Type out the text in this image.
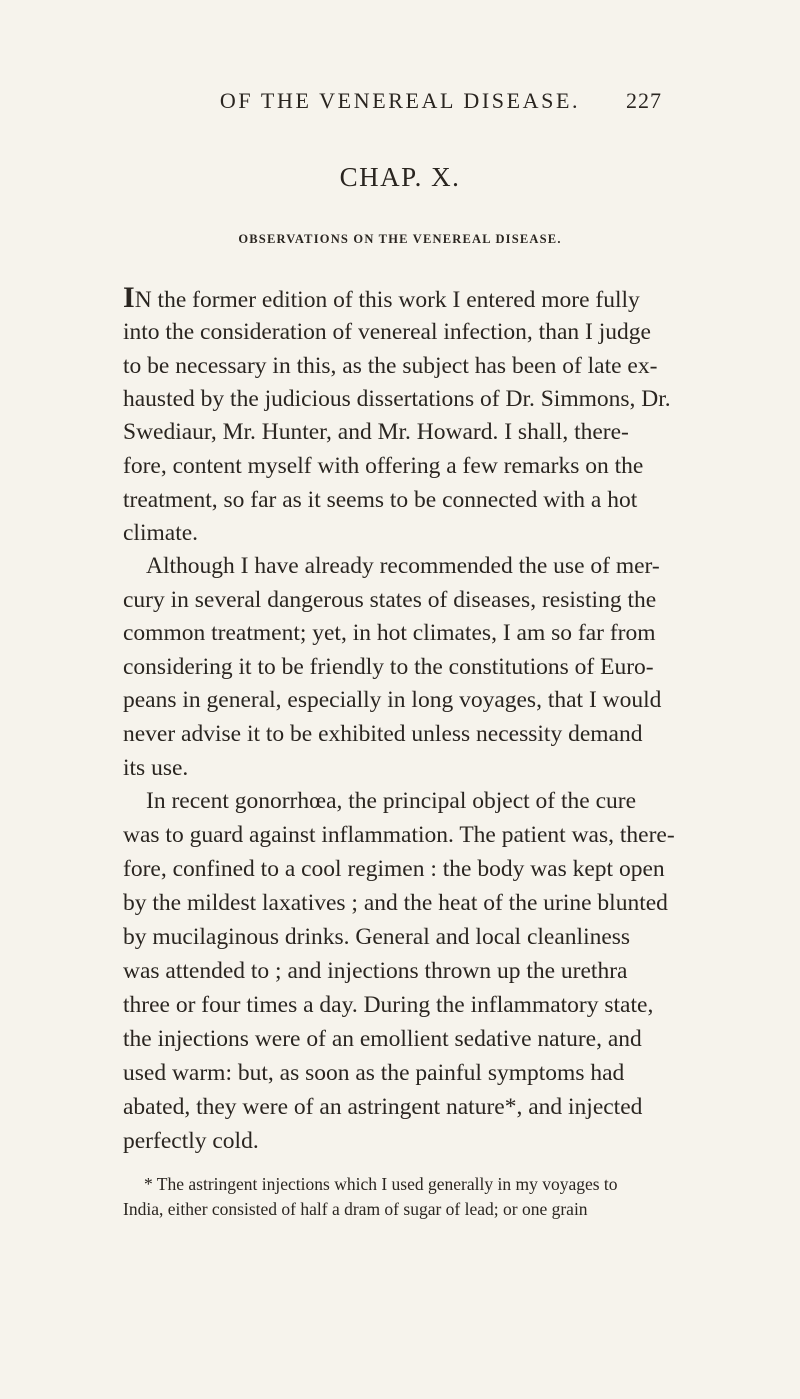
OF THE VENEREAL DISEASE.	227
CHAP. X.
OBSERVATIONS ON THE VENEREAL DISEASE.
IN the former edition of this work I entered more fully
into the consideration of venereal infection, than I judge
to be necessary in this, as the subject has been of late ex-
hausted by the judicious dissertations of Dr. Simmons, Dr.
Swediaur, Mr. Hunter, and Mr. Howard. I shall, there-
fore, content myself with offering a few remarks on the
treatment, so far as it seems to be connected with a hot
climate.
Although I have already recommended the use of mer-
cury in several dangerous states of diseases, resisting the
common treatment; yet, in hot climates, I am so far from
considering it to be friendly to the constitutions of Euro-
peans in general, especially in long voyages, that I would
never advise it to be exhibited unless necessity demand
its use.
In recent gonorrhœa, the principal object of the cure
was to guard against inflammation. The patient was, there-
fore, confined to a cool regimen : the body was kept open
by the mildest laxatives ; and the heat of the urine blunted
by mucilaginous drinks. General and local cleanliness
was attended to ; and injections thrown up the urethra
three or four times a day. During the inflammatory state,
the injections were of an emollient sedative nature, and
used warm: but, as soon as the painful symptoms had
abated, they were of an astringent nature*, and injected
perfectly cold.
* The astringent injections which I used generally in my voyages to
India, either consisted of half a dram of sugar of lead; or one grain
